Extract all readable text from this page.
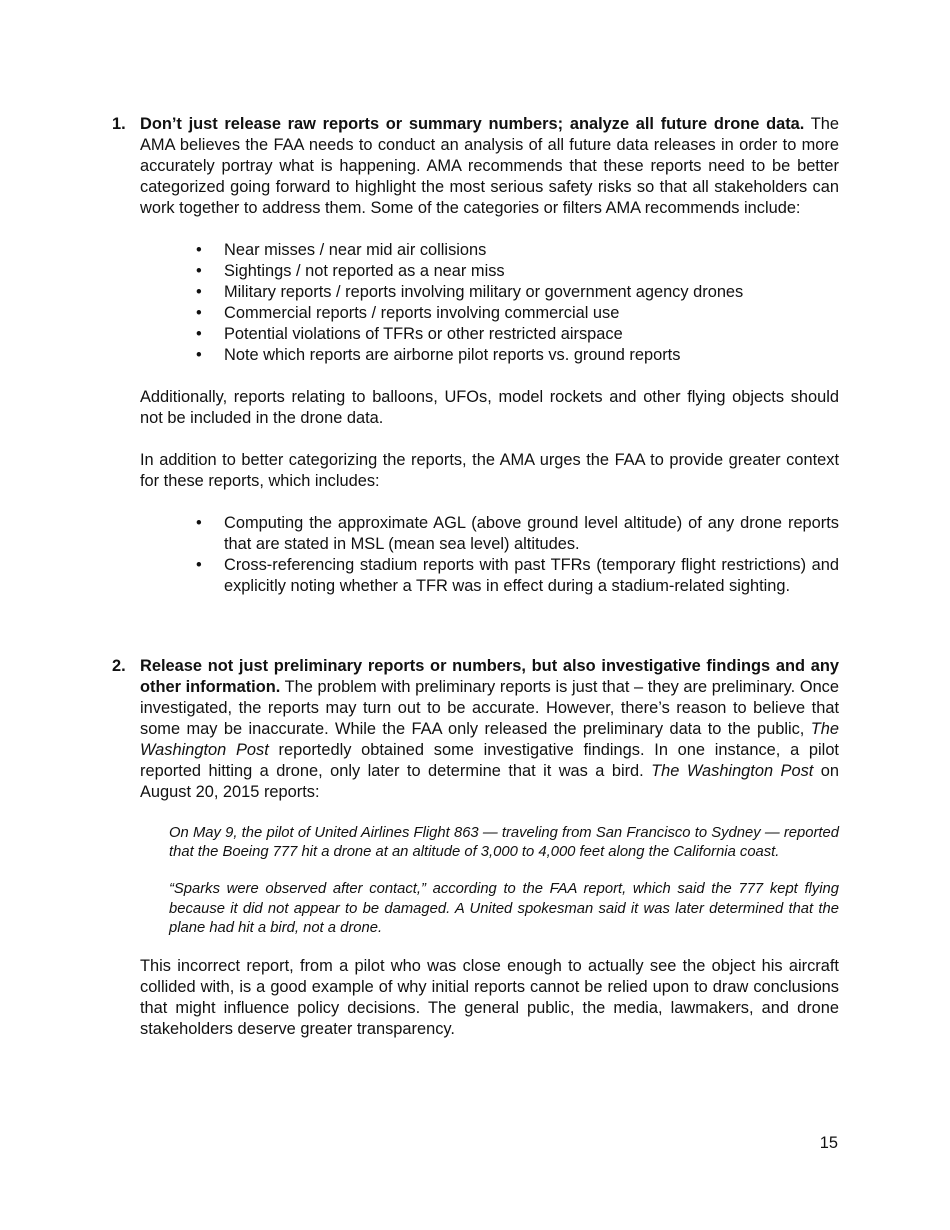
1. Don’t just release raw reports or summary numbers; analyze all future drone data. The AMA believes the FAA needs to conduct an analysis of all future data releases in order to more accurately portray what is happening. AMA recommends that these reports need to be better categorized going forward to highlight the most serious safety risks so that all stakeholders can work together to address them. Some of the categories or filters AMA recommends include:

• Near misses / near mid air collisions
• Sightings / not reported as a near miss
• Military reports / reports involving military or government agency drones
• Commercial reports / reports involving commercial use
• Potential violations of TFRs or other restricted airspace
• Note which reports are airborne pilot reports vs. ground reports

Additionally, reports relating to balloons, UFOs, model rockets and other flying objects should not be included in the drone data.

In addition to better categorizing the reports, the AMA urges the FAA to provide greater context for these reports, which includes:

• Computing the approximate AGL (above ground level altitude) of any drone reports that are stated in MSL (mean sea level) altitudes.
• Cross-referencing stadium reports with past TFRs (temporary flight restrictions) and explicitly noting whether a TFR was in effect during a stadium-related sighting.
2. Release not just preliminary reports or numbers, but also investigative findings and any other information. The problem with preliminary reports is just that – they are preliminary. Once investigated, the reports may turn out to be accurate. However, there’s reason to believe that some may be inaccurate. While the FAA only released the preliminary data to the public, The Washington Post reportedly obtained some investigative findings. In one instance, a pilot reported hitting a drone, only later to determine that it was a bird. The Washington Post on August 20, 2015 reports:

On May 9, the pilot of United Airlines Flight 863 — traveling from San Francisco to Sydney — reported that the Boeing 777 hit a drone at an altitude of 3,000 to 4,000 feet along the California coast.
“Sparks were observed after contact,” according to the FAA report, which said the 777 kept flying because it did not appear to be damaged. A United spokesman said it was later determined that the plane had hit a bird, not a drone.

This incorrect report, from a pilot who was close enough to actually see the object his aircraft collided with, is a good example of why initial reports cannot be relied upon to draw conclusions that might influence policy decisions. The general public, the media, lawmakers, and drone stakeholders deserve greater transparency.

15
